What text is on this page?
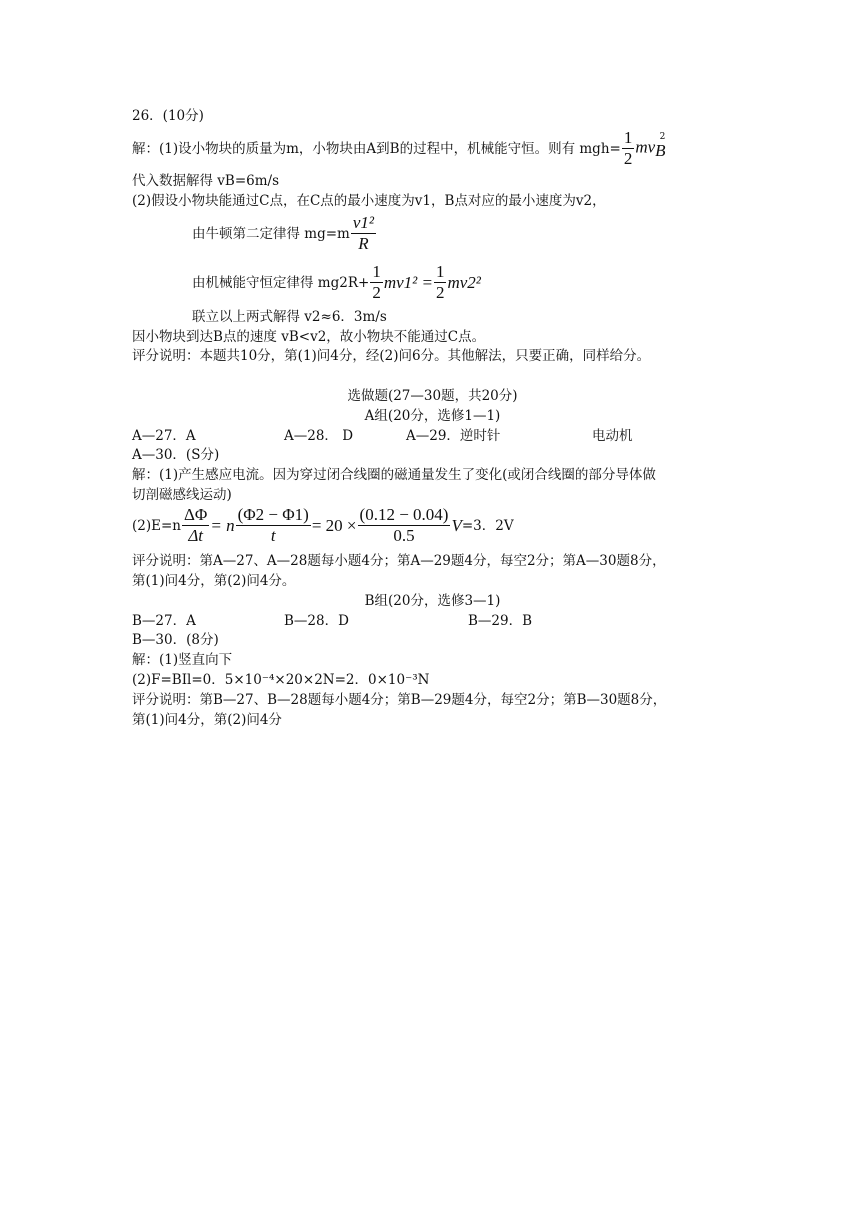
26．(10分)
解：(1)设小物块的质量为m，小物块由A到B的过程中，机械能守恒。则有 $mgh= \frac{1}{2} mv_B^2$
代入数据解得 vB=6m/s
(2)假设小物块能通过C点，在C点的最小速度为v1，B点对应的最小速度为v2，
由牛顿第二定律得 $mg=m \frac{\text{v1²}}{R}$
由机械能守恒定律得 $mg2R+ \frac{1}{2} mv1^2 = \frac{1}{2} mv2^2$
联立以上两式解得 v2≈6．3m/s
因小物块到达B点的速度 vB<v2，故小物块不能通过C点。
评分说明：本题共10分，第(1)问4分，经(2)问6分。其他解法，只要正确，同样给分。
选做题(27—30题，共20分)
A组(20分，选修1—1)
A—27．A	A—28． D	A—29．逆时针	电动机
A—30．(S分)
解：(1)产生感应电流。因为穿过闭合线圈的磁通量发生了变化(或闭合线圈的部分导体做
切剖磁感线运动)
$(2)E=n \frac{\Delta\Phi}{\Delta t} = n \frac{(\Phi 2 - \Phi 1)}{t} = 20 \times \frac{(0.12 - 0.04)}{0.5} V=3$．2V
评分说明：第A—27、A—28题每小题4分；第A—29题4分，每空2分；第A—30题8分，
第(1)问4分，第(2)问4分。
B组(20分，选修3—1)
B—27．A	B—28．D	B—29．B
B—30．(8分)
解：(1)竖直向下
(2)F=BIl=0．5×10⁻⁴×20×2N=2．0×10⁻³N
评分说明：第B—27、B—28题每小题4分；第B—29题4分，每空2分；第B—30题8分，
第(1)问4分，第(2)问4分
